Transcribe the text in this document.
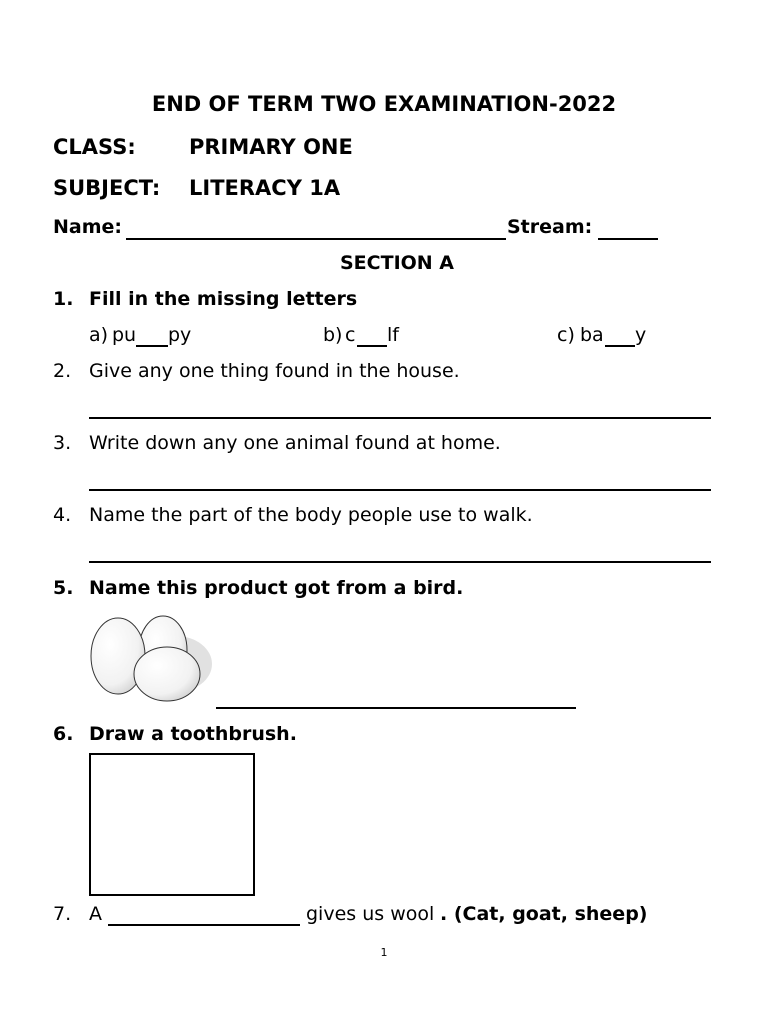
END OF TERM TWO EXAMINATION-2022
CLASS:	PRIMARY ONE
SUBJECT: LITERACY 1A
Name:	Stream:
SECTION A
1. Fill in the missing letters
a) pu py	b) c lf	c) ba y
2. Give any one thing found in the house.
3. Write down any one animal found at home.
4. Name the part of the body people use to walk.
5. Name this product got from a bird.
6. Draw a toothbrush.
7. A	gives us wool . (Cat, goat, sheep)
1
